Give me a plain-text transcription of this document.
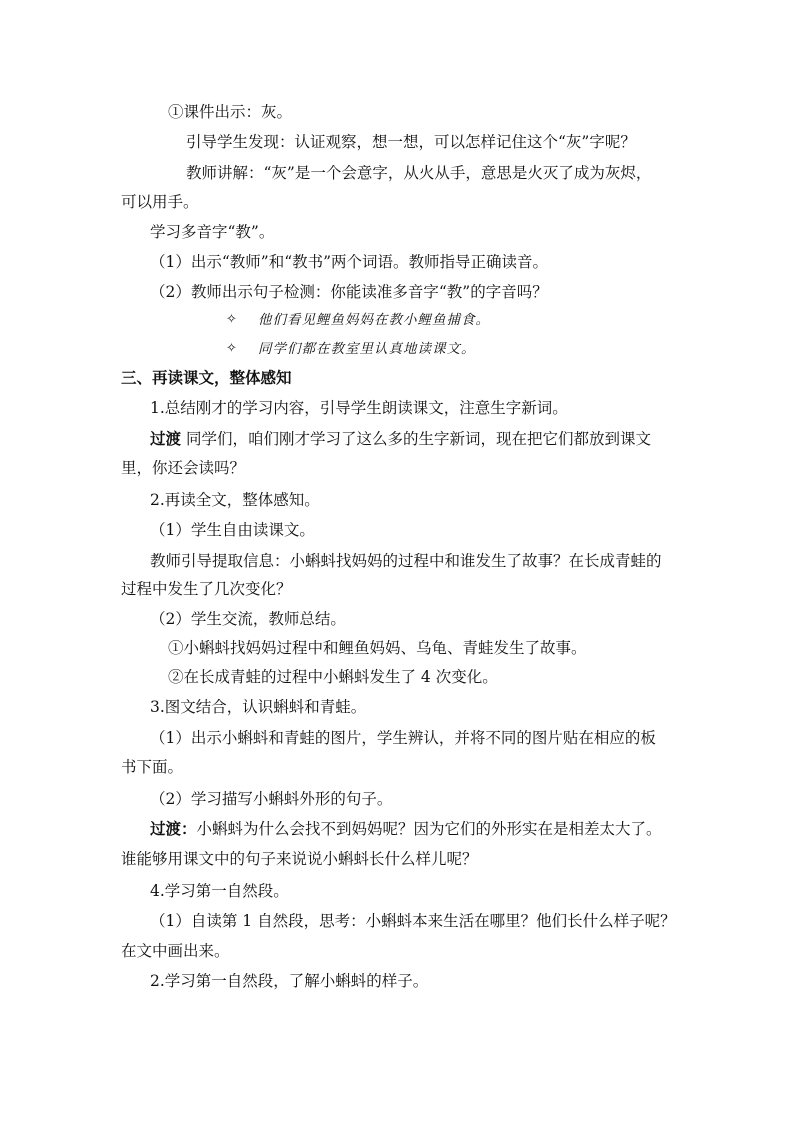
①课件出示：灰。
引导学生发现：认证观察，想一想，可以怎样记住这个“灰”字呢？
教师讲解：“灰”是一个会意字，从火从手，意思是火灭了成为灰烬，
可以用手。
学习多音字“教”。
（1）出示“教师”和“教书”两个词语。教师指导正确读音。
（2）教师出示句子检测：你能读准多音字“教”的字音吗？
✧ 他们看见鲤鱼妈妈在教小鲤鱼捕食。
✧ 同学们都在教室里认真地读课文。
三、再读课文，整体感知
1.总结刚才的学习内容，引导学生朗读课文，注意生字新词。
过渡 同学们，咱们刚才学习了这么多的生字新词，现在把它们都放到课文
里，你还会读吗？
2.再读全文，整体感知。
（1）学生自由读课文。
教师引导提取信息：小蝌蚪找妈妈的过程中和谁发生了故事？在长成青蛙的
过程中发生了几次变化？
（2）学生交流，教师总结。
①小蝌蚪找妈妈过程中和鲤鱼妈妈、乌龟、青蛙发生了故事。
②在长成青蛙的过程中小蝌蚪发生了 4 次变化。
3.图文结合，认识蝌蚪和青蛙。
（1）出示小蝌蚪和青蛙的图片，学生辨认，并将不同的图片贴在相应的板
书下面。
（2）学习描写小蝌蚪外形的句子。
过渡：小蝌蚪为什么会找不到妈妈呢？因为它们的外形实在是相差太大了。
谁能够用课文中的句子来说说小蝌蚪长什么样儿呢？
4.学习第一自然段。
（1）自读第 1 自然段，思考：小蝌蚪本来生活在哪里？他们长什么样子呢？
在文中画出来。
2.学习第一自然段，了解小蝌蚪的样子。
